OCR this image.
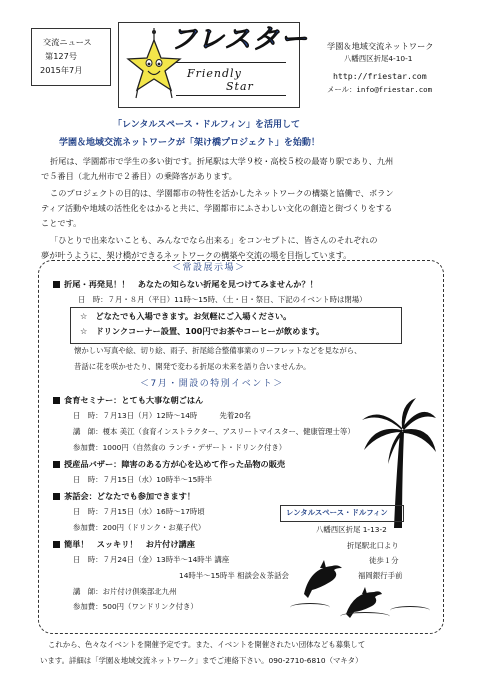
交流ニュース
第127号
2015年7月
フレスター
Friendly
Star
学園＆地域交流ネットワーク
八幡西区折尾4-10-1
http://friestar.com
メール：info@friestar.com
「レンタルスペース・ドルフィン」を活用して
学園＆地域交流ネットワークが「架け橋プロジェクト」を始動！
折尾は、学園都市で学生の多い街です。折尾駅は大学９校・高校５校の最寄り駅であり、九州
で５番目（北九州市で２番目）の乗降客があります。
このプロジェクトの目的は、学園都市の特性を活かしたネットワークの構築と協働で、ボラン
ティア活動や地域の活性化をはかると共に、学園都市にふさわしい文化の創造と街づくりをする
ことです。
「ひとりで出来ないことも、みんなでなら出来る」をコンセプトに、皆さんのそれぞれの
夢が叶うように、架け橋ができるネットワークの構築や交流の場を目指しています。
＜常設展示場＞
折尾・再発見！！　あなたの知らない折尾を見つけてみませんか？！
日　時：７月・８月（平日）11時〜15時、（土・日・祭日、下記のイベント時は閉場）
☆　どなたでも入場できます。お気軽にご入場ください。
☆　ドリンクコーナー設置、100円でお茶やコーヒーが飲めます。
懐かしい写真や絵、切り絵、雨子、折尾総合整備事業のリーフレットなどを見ながら、
昔話に花を咲かせたり、開発で変わる折尾の未来を語り合いませんか。
＜7月・開設の特別イベント＞
食育セミナー：とても大事な朝ごはん
日　時：７月13日（月）12時〜14時　　　先着20名
講　師：榎本 美江（食育インストラクター、アスリートマイスター、健康管理士等）
参加費：1000円（自然食の ランチ・デザート・ドリンク付き）
授産品バザー：障害のある方が心を込めて作った品物の販売
日　時：７月15日（水）10時半〜15時半
茶話会：どなたでも参加できます！
日　時：７月15日（水）16時〜17時頃
参加費：200円（ドリンク・お菓子代）
簡単！　スッキリ！　お片付け講座
日　時：７月24日（金）13時半〜14時半 講座
14時半〜15時半 相談会＆茶話会
講　師：お片付け倶楽部北九州
参加費：500円（ワンドリンク付き）
レンタルスペース・ドルフィン
八幡西区折尾 1-13-2
折尾駅北口より
徒歩１分
福岡銀行手前
これから、色々なイベントを開催予定です。また、イベントを開催されたい団体なども募集して
います。詳細は「学園＆地域交流ネットワーク」までご連絡下さい。090-2710-6810（マキタ）
